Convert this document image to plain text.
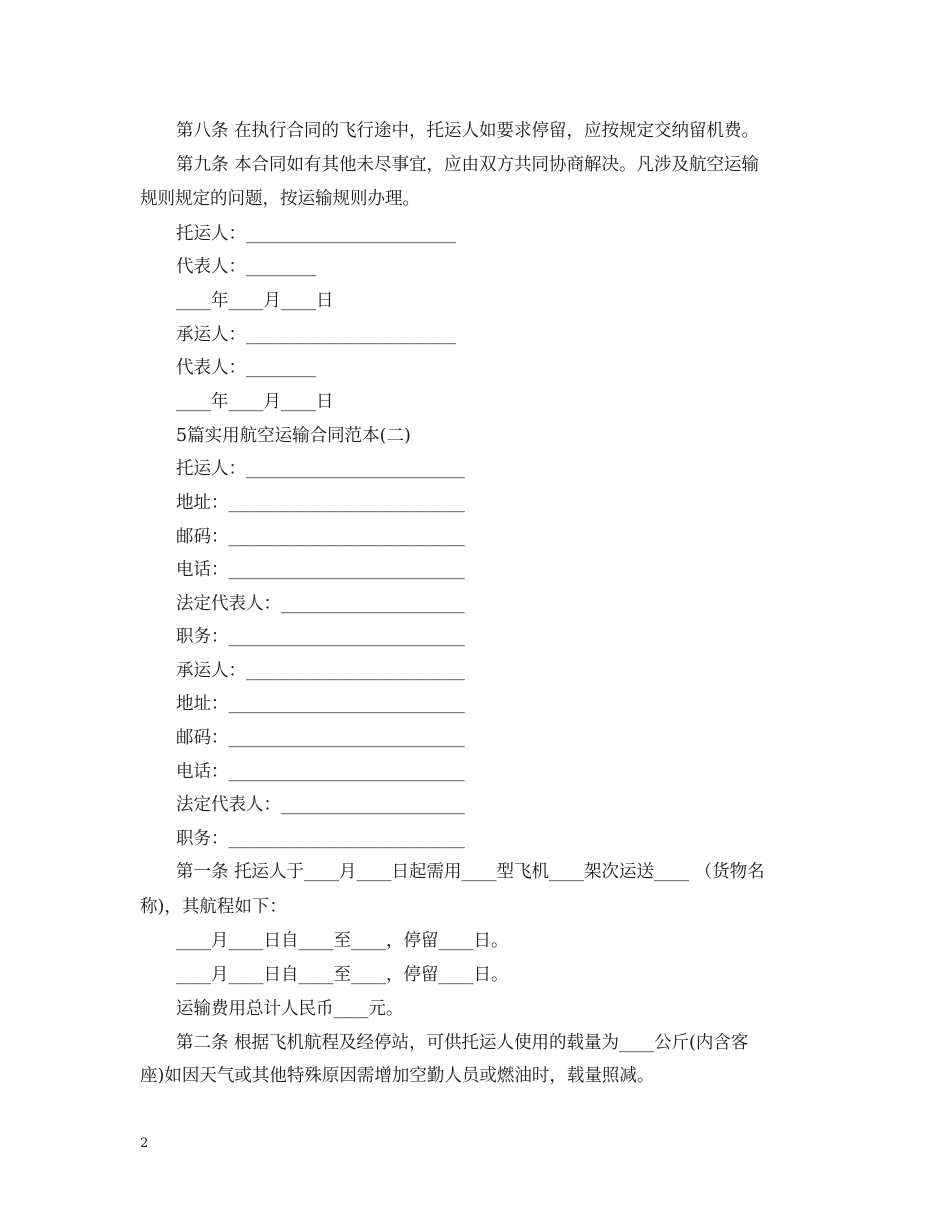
第八条 在执行合同的飞行途中，托运人如要求停留，应按规定交纳留机费。
第九条 本合同如有其他未尽事宜，应由双方共同协商解决。凡涉及航空运输
规则规定的问题，按运输规则办理。
托运人：________________________
代表人：________
____年____月____日
承运人：________________________
代表人：________
____年____月____日
5篇实用航空运输合同范本(二)
托运人：_________________________
地址：___________________________
邮码：___________________________
电话：___________________________
法定代表人：_____________________
职务：___________________________
承运人：_________________________
地址：___________________________
邮码：___________________________
电话：___________________________
法定代表人：_____________________
职务：___________________________
第一条 托运人于____月____日起需用____型飞机____架次运送____ （货物名
称)，其航程如下：
____月____日自____至____，停留____日。
____月____日自____至____，停留____日。
运输费用总计人民币____元。
第二条 根据飞机航程及经停站，可供托运人使用的载量为____公斤(内含客
座)如因天气或其他特殊原因需增加空勤人员或燃油时，载量照减。
2
